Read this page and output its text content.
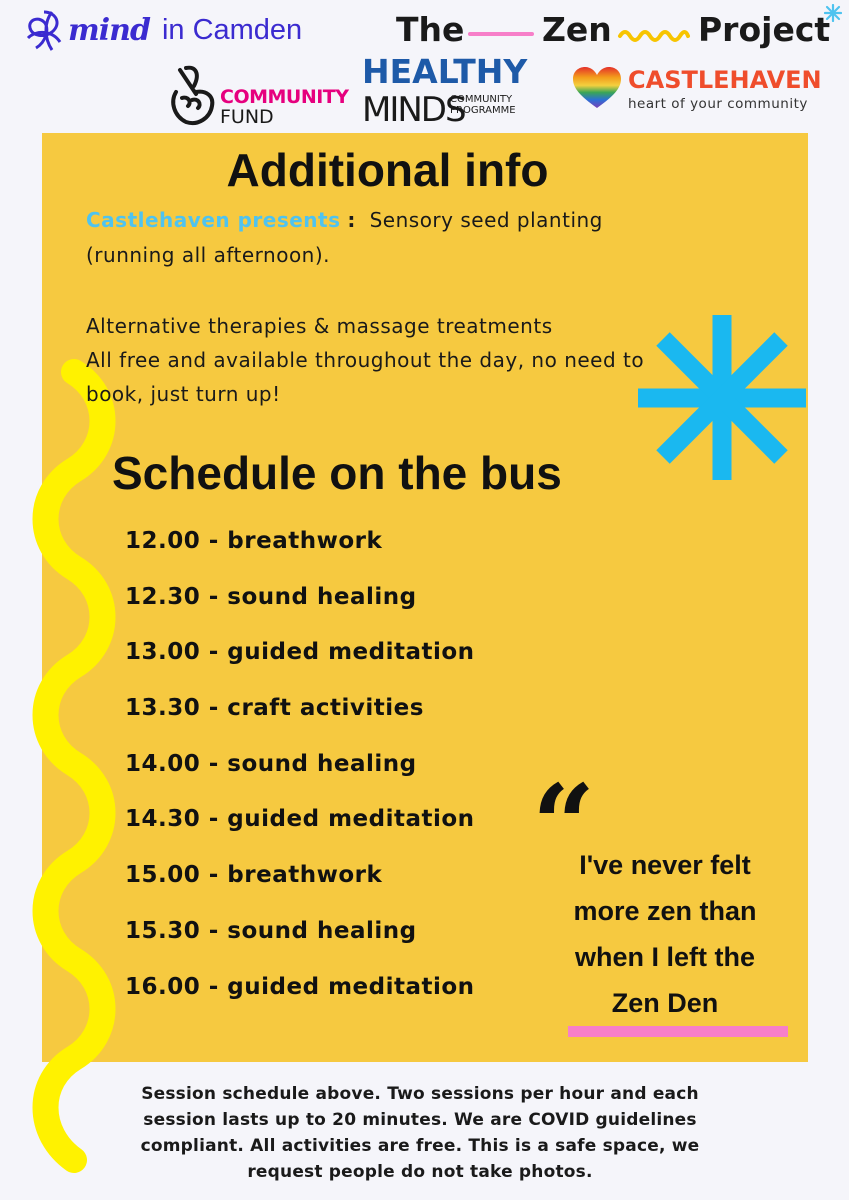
mind in Camden	The Zen	Project
COMMUNITY
FUND
HEALTHY
MINDS
COMMUNITY
PROGRAMME
CASTLEHAVEN
heart of your community
Additional info
Castlehaven presents : Sensory seed planting
(running all afternoon).
Alternative therapies & massage treatments
All free and available throughout the day, no need to
book, just turn up!
Schedule on the bus
12.00 - breathwork
12.30 - sound healing
13.00 - guided meditation
13.30 - craft activities
14.00 - sound healing
14.30 - guided meditation
15.00 - breathwork
15.30 - sound healing
16.00 - guided meditation
“
I've never felt
more zen than
when I left the
Zen Den
Session schedule above. Two sessions per hour and each
session lasts up to 20 minutes. We are COVID guidelines
compliant. All activities are free. This is a safe space, we
request people do not take photos.
